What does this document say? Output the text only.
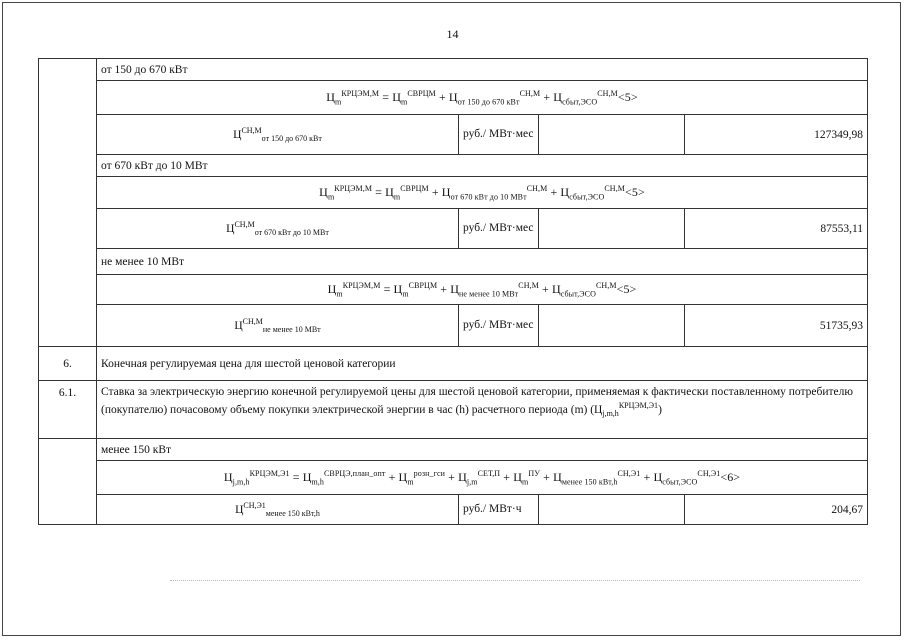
14
	от 150 до 670 кВт			
	$Ц_m^{КРЦЭМ,М} = Ц_m^{СВРЦМ} + Ц_{от 150 до 670 кВт}^{СН,М} + Ц_{сбыт,ЭСО}^{СН,М}<5>$			
	$Ц^{СН,М}_{от 150 до 670 кВт}$	руб./ МВт·мес		127349,98
	от 670 кВт до 10 МВт			
	$Ц_m^{КРЦЭМ,М} = Ц_m^{СВРЦМ} + Ц_{от 670 кВт до 10 МВт}^{СН,М} + Ц_{сбыт,ЭСО}^{СН,М}<5>$			
	$Ц^{СН,М}_{от 670 кВт до 10 МВт}$	руб./ МВт·мес		87553,11
	не менее 10 МВт			
	$Ц_m^{КРЦЭМ,М} = Ц_m^{СВРЦМ} + Ц_{не менее 10 МВт}^{СН,М} + Ц_{сбыт,ЭСО}^{СН,М}<5>$			
	$Ц^{СН,М}_{не менее 10 МВт}$	руб./ МВт·мес		51735,93
6.	Конечная регулируемая цена для шестой ценовой категории			
6.1.	Ставка за электрическую энергию конечной регулируемой цены для шестой ценовой категории, применяемая к фактически поставленному потребителю (покупателю) почасовому объему покупки электрической энергии в час (h) расчетного периода (m) $(Ц_{j,m,h}^{КРЦЭМ,Э1})$			
	менее 150 кВт			
	$Ц_{j,m,h}^{КРЦЭМ,Э1} = Ц_{m,h}^{СВРЦЭ,план\_опт} + Ц_m^{розн\_гси} + Ц_{j,m}^{СЕТ,П} + Ц_m^{ПУ} + Ц_{менее 150 кВт,h}^{СН,Э1} + Ц_{сбыт,ЭСО}^{СН,Э1}<6>$			
	$Ц^{СН,Э1}_{менее 150 кВт,h}$	руб./ МВт·ч		204,67
